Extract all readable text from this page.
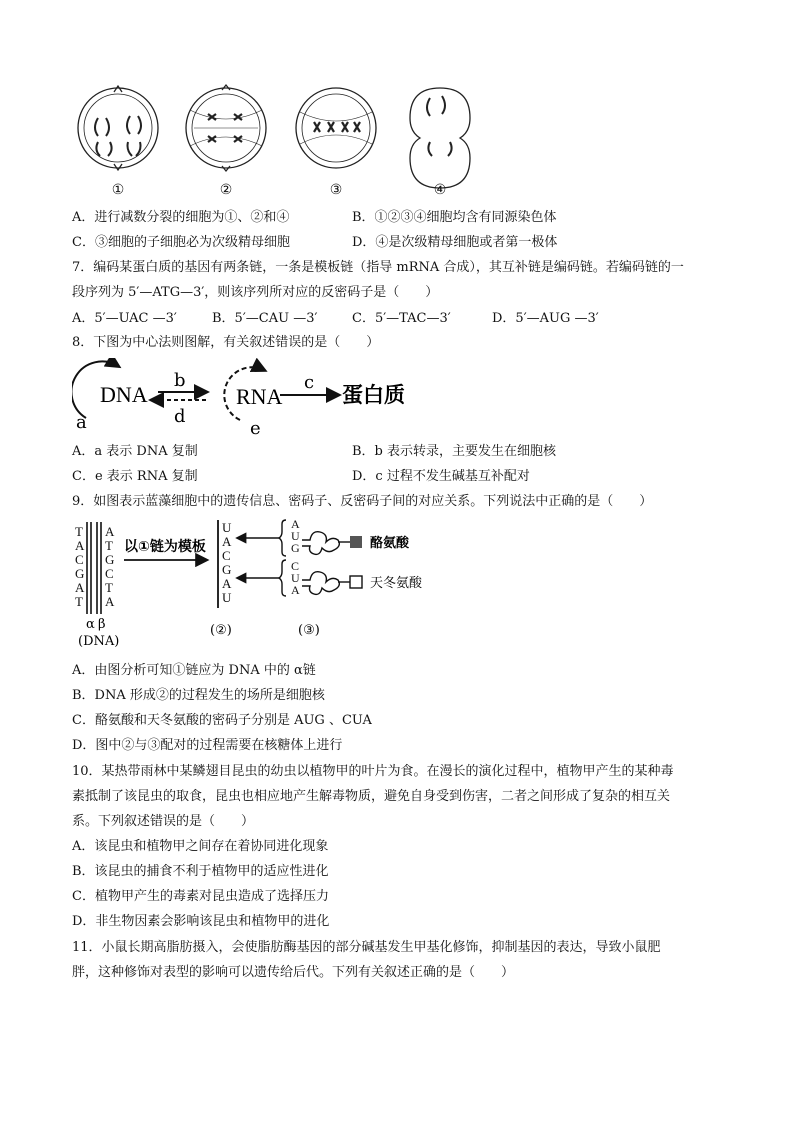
①	②	③	④
A．进行减数分裂的细胞为①、②和④	B．①②③④细胞均含有同源染色体
C．③细胞的子细胞必为次级精母细胞	D．④是次级精母细胞或者第一极体
7．编码某蛋白质的基因有两条链，一条是模板链（指导 mRNA 合成），其互补链是编码链。若编码链的一
段序列为 5′—ATG—3′，则该序列所对应的反密码子是（　　）
A．5′—UAC —3′	B．5′—CAU —3′	C．5′—TAC—3′	D．5′—AUG —3′
8．下图为中心法则图解，有关叙述错误的是（　　）
DNA
a
b
d
RNA
e
c
蛋白质
A．a 表示 DNA 复制	B．b 表示转录，主要发生在细胞核
C．e 表示 RNA 复制	D．c 过程不发生碱基互补配对
9．如图表示蓝藻细胞中的遗传信息、密码子、反密码子间的对应关系。下列说法中正确的是（　　）
T
A
C
G
A
T
A
T
G
C
T
A
α β
(DNA)
以①链为模板
U
A
C
G
A
U
(②)
A
U
G
C
U
A
酪氨酸
天冬氨酸
(③)
A．由图分析可知①链应为 DNA 中的 α链
B．DNA 形成②的过程发生的场所是细胞核
C．酪氨酸和天冬氨酸的密码子分别是 AUG 、CUA
D．图中②与③配对的过程需要在核糖体上进行
10．某热带雨林中某鳞翅目昆虫的幼虫以植物甲的叶片为食。在漫长的演化过程中，植物甲产生的某种毒
素抵制了该昆虫的取食，昆虫也相应地产生解毒物质，避免自身受到伤害，二者之间形成了复杂的相互关
系。下列叙述错误的是（　　）
A．该昆虫和植物甲之间存在着协同进化现象
B．该昆虫的捕食不利于植物甲的适应性进化
C．植物甲产生的毒素对昆虫造成了选择压力
D．非生物因素会影响该昆虫和植物甲的进化
11．小鼠长期高脂肪摄入，会使脂肪酶基因的部分碱基发生甲基化修饰，抑制基因的表达，导致小鼠肥
胖，这种修饰对表型的影响可以遗传给后代。下列有关叙述正确的是（　　）
